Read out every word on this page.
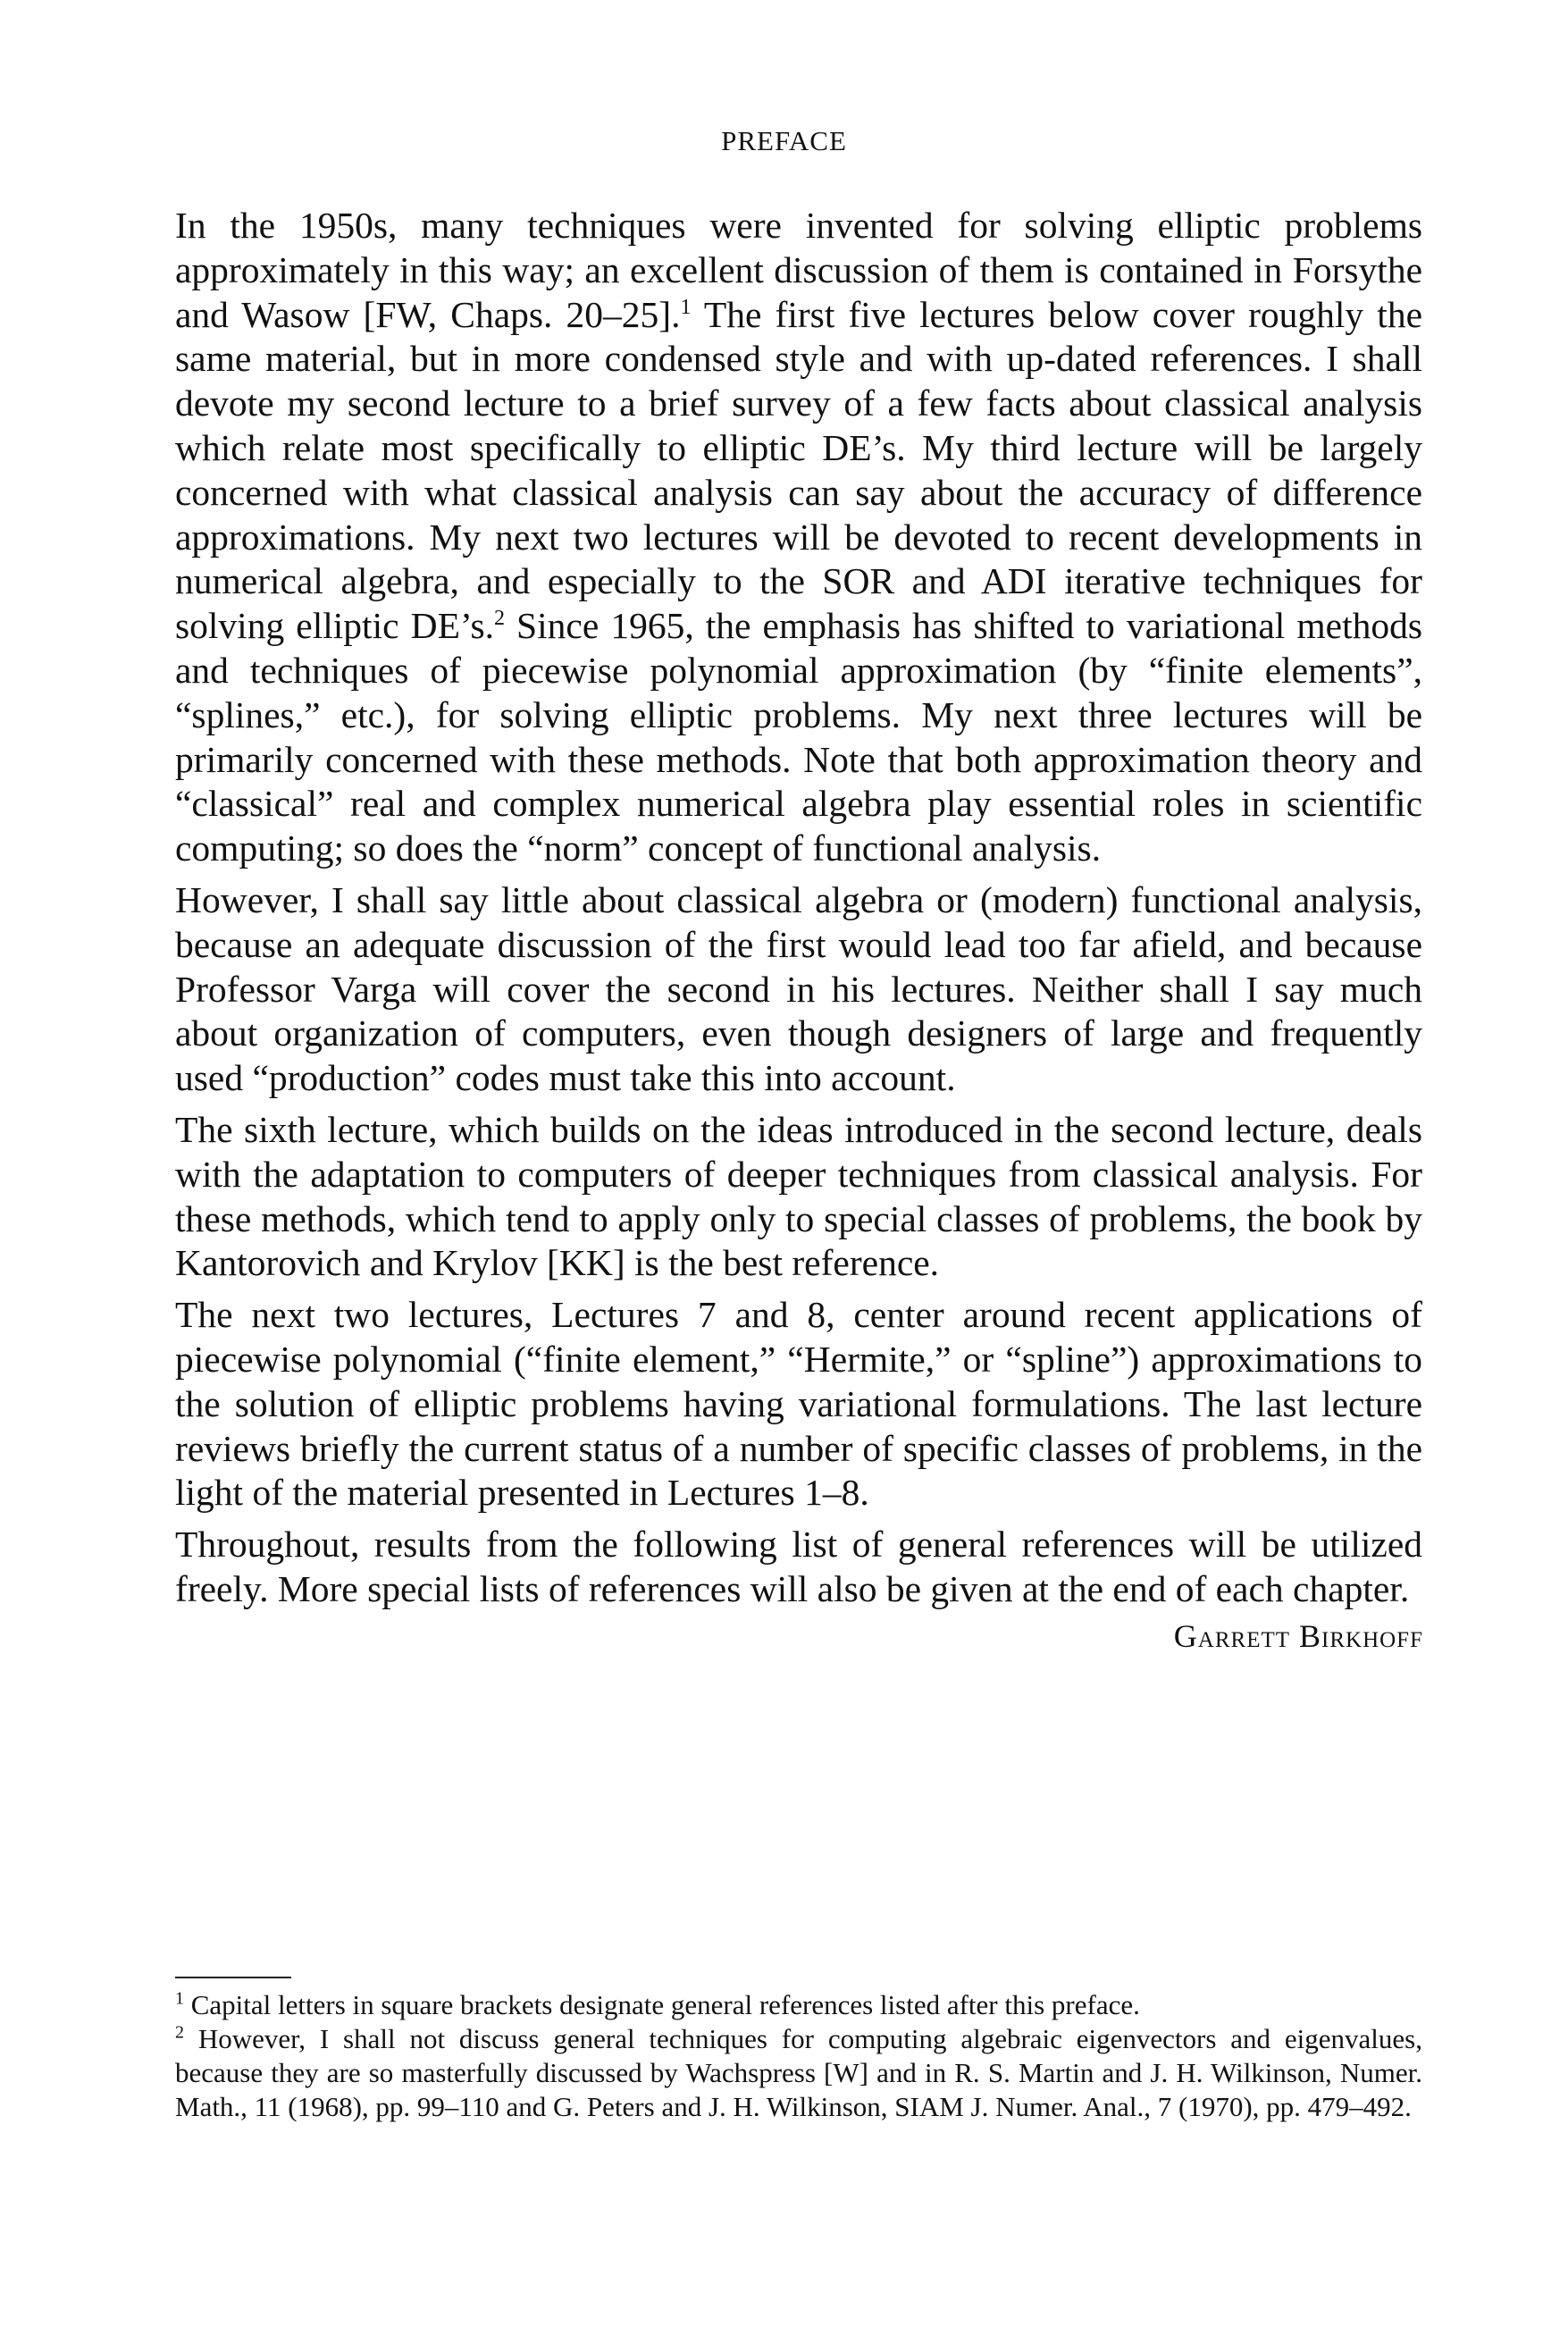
PREFACE

In the 1950s, many techniques were invented for solving elliptic problems approximately in this way; an excellent discussion of them is contained in Forsythe and Wasow [FW, Chaps. 20–25].$^1$ The first five lectures below cover roughly the same material, but in more condensed style and with up-dated references. I shall devote my second lecture to a brief survey of a few facts about classical analysis which relate most specifically to elliptic DE’s. My third lecture will be largely concerned with what classical analysis can say about the accuracy of difference approximations. My next two lectures will be devoted to recent developments in numerical algebra, and especially to the SOR and ADI iterative techniques for solving elliptic DE’s.$^2$ Since 1965, the emphasis has shifted to variational methods and techniques of piecewise polynomial approximation (by “finite elements”, “splines,” etc.), for solving elliptic problems. My next three lectures will be primarily concerned with these methods. Note that both approximation theory and “classical” real and complex numerical algebra play essential roles in scientific computing; so does the “norm” concept of functional analysis.

However, I shall say little about classical algebra or (modern) functional analysis, because an adequate discussion of the first would lead too far afield, and because Professor Varga will cover the second in his lectures. Neither shall I say much about organization of computers, even though designers of large and frequently used “production” codes must take this into account.

The sixth lecture, which builds on the ideas introduced in the second lecture, deals with the adaptation to computers of deeper techniques from classical analysis. For these methods, which tend to apply only to special classes of problems, the book by Kantorovich and Krylov [KK] is the best reference.

The next two lectures, Lectures 7 and 8, center around recent applications of piecewise polynomial (“finite element,” “Hermite,” or “spline”) approximations to the solution of elliptic problems having variational formulations. The last lecture reviews briefly the current status of a number of specific classes of problems, in the light of the material presented in Lectures 1–8.

Throughout, results from the following list of general references will be utilized freely. More special lists of references will also be given at the end of each chapter.

Garrett Birkhoff

$^1$ Capital letters in square brackets designate general references listed after this preface.

$^2$ However, I shall not discuss general techniques for computing algebraic eigenvectors and eigenvalues, because they are so masterfully discussed by Wachspress [W] and in R. S. Martin and J. H. Wilkinson, Numer. Math., 11 (1968), pp. 99–110 and G. Peters and J. H. Wilkinson, SIAM J. Numer. Anal., 7 (1970), pp. 479–492.
